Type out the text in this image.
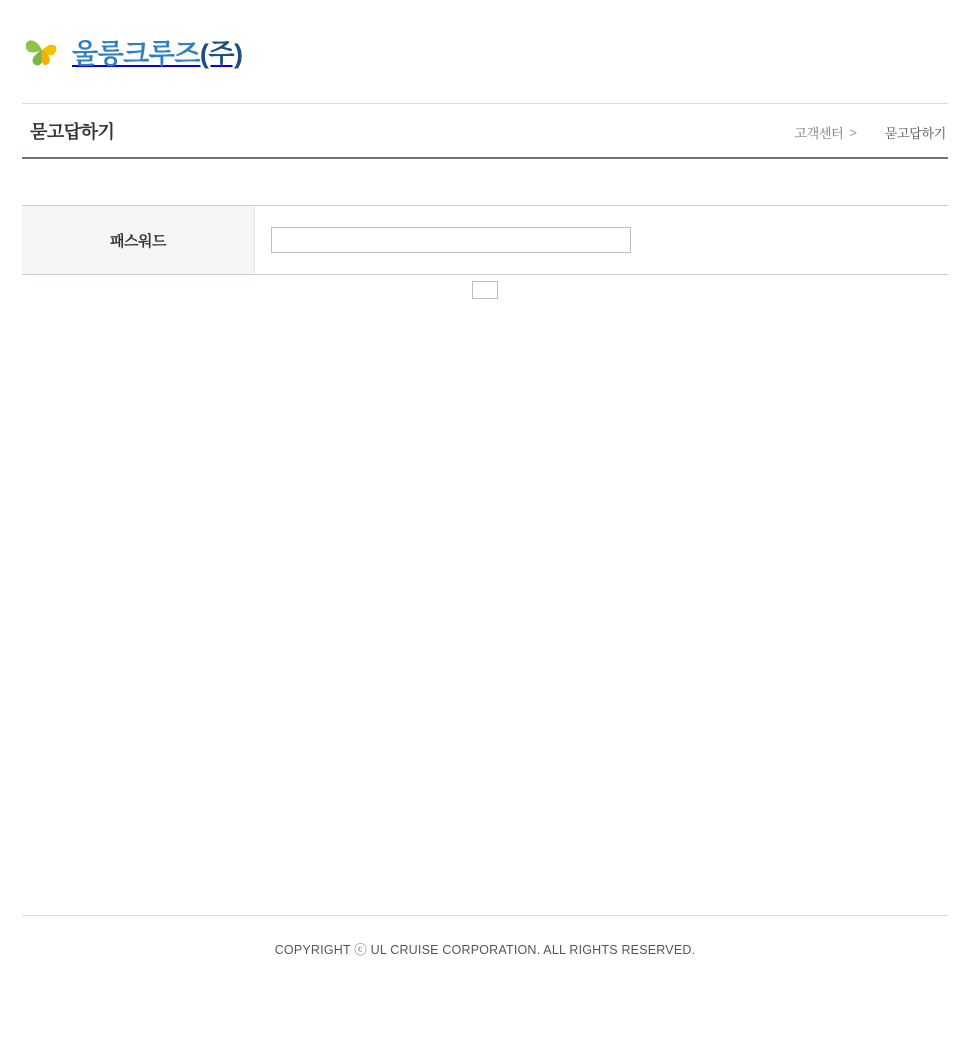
울릉크루즈(주)
묻고답하기	고객센터 > 묻고답하기
패스워드	

COPYRIGHT ⓒ UL CRUISE CORPORATION. ALL RIGHTS RESERVED.
